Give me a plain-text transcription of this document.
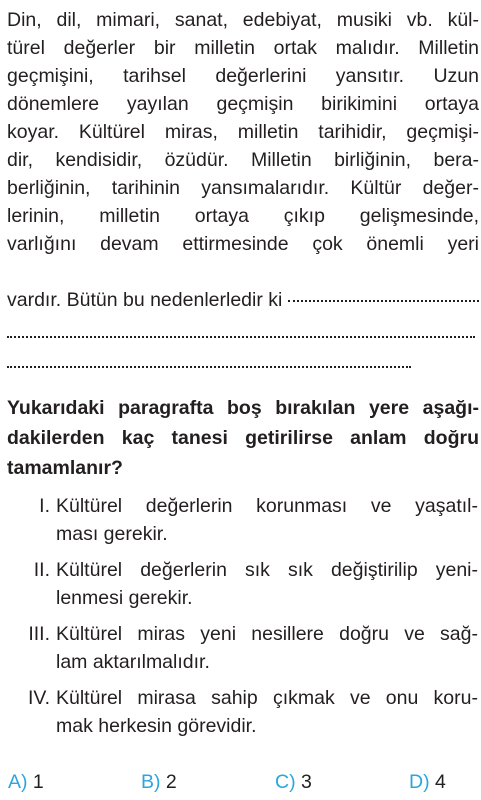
Din, dil, mimari, sanat, edebiyat, musiki vb. kül-
türel değerler bir milletin ortak malıdır. Milletin
geçmişini, tarihsel değerlerini yansıtır. Uzun
dönemlere yayılan geçmişin birikimini ortaya
koyar. Kültürel miras, milletin tarihidir, geçmişi-
dir, kendisidir, özüdür. Milletin birliğinin, bera-
berliğinin, tarihinin yansımalarıdır. Kültür değer-
lerinin, milletin ortaya çıkıp gelişmesinde,
varlığını devam ettirmesinde çok önemli yeri
vardır. Bütün bu nedenlerledir ki
Yukarıdaki paragrafta boş bırakılan yere aşağı-
dakilerden kaç tanesi getirilirse anlam doğru
tamamlanır?
I. Kültürel değerlerin korunması ve yaşatıl-
ması gerekir.
II. Kültürel değerlerin sık sık değiştirilip yeni-
lenmesi gerekir.
III. Kültürel miras yeni nesillere doğru ve sağ-
lam aktarılmalıdır.
IV. Kültürel mirasa sahip çıkmak ve onu koru-
mak herkesin görevidir.
A) 1	B) 2	C) 3	D) 4
